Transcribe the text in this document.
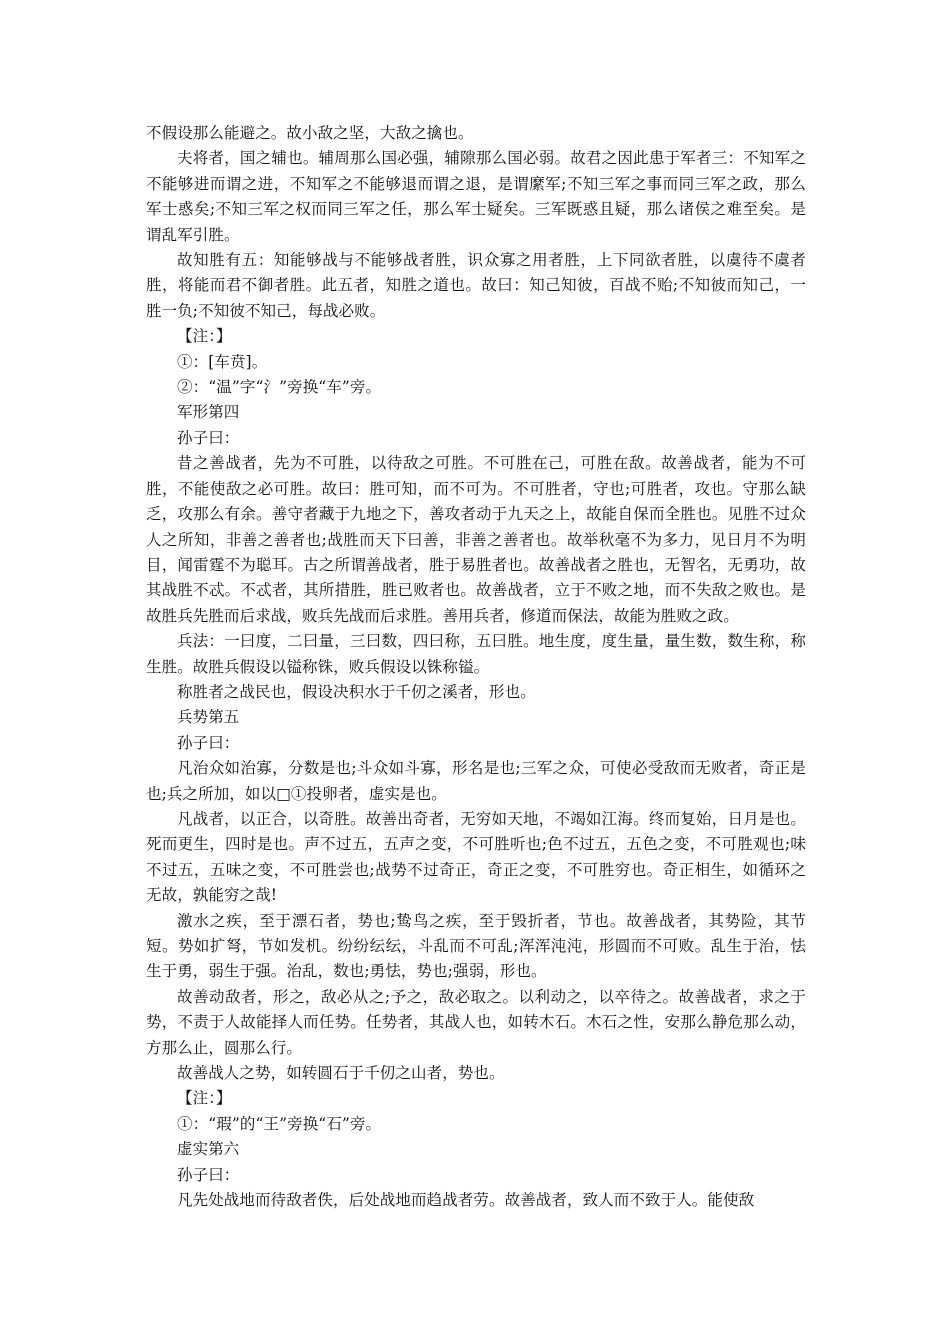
不假设那么能避之。故小敌之坚，大敌之擒也。

夫将者，国之辅也。辅周那么国必强，辅隙那么国必弱。故君之因此患于军者三：不知军之不能够进而谓之进，不知军之不能够退而谓之退，是谓縻军;不知三军之事而同三军之政，那么军士惑矣;不知三军之权而同三军之任，那么军士疑矣。三军既惑且疑，那么诸侯之难至矣。是谓乱军引胜。

故知胜有五：知能够战与不能够战者胜，识众寡之用者胜，上下同欲者胜，以虞待不虞者胜，将能而君不御者胜。此五者，知胜之道也。故曰：知己知彼，百战不贻;不知彼而知己，一胜一负;不知彼不知己，每战必败。

【注：】

①：[车贲]。

②：“温”字“氵”旁换“车”旁。

军形第四

孙子曰：

昔之善战者，先为不可胜，以待敌之可胜。不可胜在己，可胜在敌。故善战者，能为不可胜，不能使敌之必可胜。故曰：胜可知，而不可为。不可胜者，守也;可胜者，攻也。守那么缺乏，攻那么有余。善守者藏于九地之下，善攻者动于九天之上，故能自保而全胜也。见胜不过众人之所知，非善之善者也;战胜而天下曰善，非善之善者也。故举秋毫不为多力，见日月不为明目，闻雷霆不为聪耳。古之所谓善战者，胜于易胜者也。故善战者之胜也，无智名，无勇功，故其战胜不忒。不忒者，其所措胜，胜已败者也。故善战者，立于不败之地，而不失敌之败也。是故胜兵先胜而后求战，败兵先战而后求胜。善用兵者，修道而保法，故能为胜败之政。

兵法：一曰度，二曰量，三曰数，四曰称，五曰胜。地生度，度生量，量生数，数生称，称生胜。故胜兵假设以镒称铢，败兵假设以铢称镒。

称胜者之战民也，假设决积水于千仞之溪者，形也。

兵势第五

孙子曰：

凡治众如治寡，分数是也;斗众如斗寡，形名是也;三军之众，可使必受敌而无败者，奇正是也;兵之所加，如以□①投卵者，虚实是也。

凡战者，以正合，以奇胜。故善出奇者，无穷如天地，不竭如江海。终而复始，日月是也。死而更生，四时是也。声不过五，五声之变，不可胜听也;色不过五，五色之变，不可胜观也;味不过五，五味之变，不可胜尝也;战势不过奇正，奇正之变，不可胜穷也。奇正相生，如循环之无故，孰能穷之哉!

激水之疾，至于漂石者，势也;鸷鸟之疾，至于毁折者，节也。故善战者，其势险，其节短。势如扩弩，节如发机。纷纷纭纭，斗乱而不可乱;浑浑沌沌，形圆而不可败。乱生于治，怯生于勇，弱生于强。治乱，数也;勇怯，势也;强弱，形也。

故善动敌者，形之，敌必从之;予之，敌必取之。以利动之，以卒待之。故善战者，求之于势，不责于人故能择人而任势。任势者，其战人也，如转木石。木石之性，安那么静危那么动，方那么止，圆那么行。

故善战人之势，如转圆石于千仞之山者，势也。

【注：】

①：“瑕”的“王”旁换“石”旁。

虚实第六

孙子曰：

凡先处战地而待敌者佚，后处战地而趋战者劳。故善战者，致人而不致于人。能使敌
